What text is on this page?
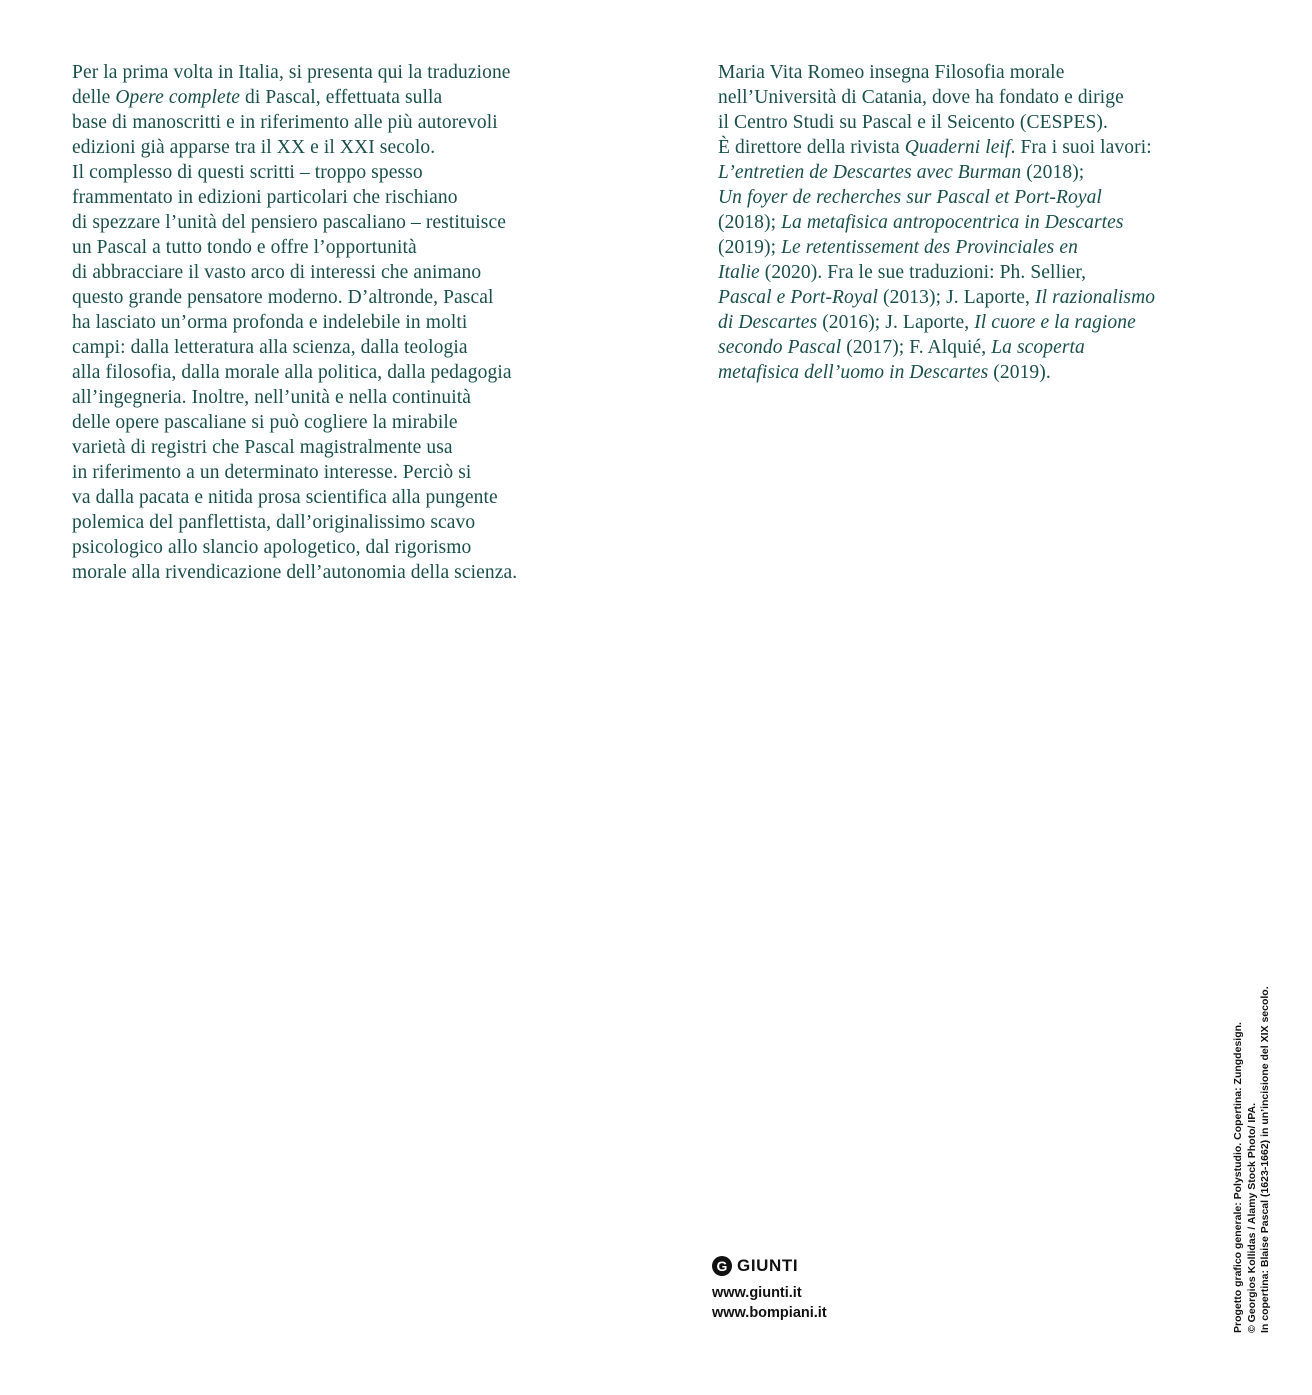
Per la prima volta in Italia, si presenta qui la traduzione
delle Opere complete di Pascal, effettuata sulla
base di manoscritti e in riferimento alle più autorevoli
edizioni già apparse tra il XX e il XXI secolo.
Il complesso di questi scritti – troppo spesso
frammentato in edizioni particolari che rischiano
di spezzare l’unità del pensiero pascaliano – restituisce
un Pascal a tutto tondo e offre l’opportunità
di abbracciare il vasto arco di interessi che animano
questo grande pensatore moderno. D’altronde, Pascal
ha lasciato un’orma profonda e indelebile in molti
campi: dalla letteratura alla scienza, dalla teologia
alla filosofia, dalla morale alla politica, dalla pedagogia
all’ingegneria. Inoltre, nell’unità e nella continuità
delle opere pascaliane si può cogliere la mirabile
varietà di registri che Pascal magistralmente usa
in riferimento a un determinato interesse. Perciò si
va dalla pacata e nitida prosa scientifica alla pungente
polemica del panflettista, dall’originalissimo scavo
psicologico allo slancio apologetico, dal rigorismo
morale alla rivendicazione dell’autonomia della scienza.
Maria Vita Romeo insegna Filosofia morale
nell’Università di Catania, dove ha fondato e dirige
il Centro Studi su Pascal e il Seicento (CESPES).
È direttore della rivista Quaderni leif. Fra i suoi lavori:
L’entretien de Descartes avec Burman (2018);
Un foyer de recherches sur Pascal et Port-Royal
(2018); La metafisica antropocentrica in Descartes
(2019); Le retentissement des Provinciales en
Italie (2020). Fra le sue traduzioni: Ph. Sellier,
Pascal e Port-Royal (2013); J. Laporte, Il razionalismo
di Descartes (2016); J. Laporte, Il cuore e la ragione
secondo Pascal (2017); F. Alquié, La scoperta
metafisica dell’uomo in Descartes (2019).
In copertina: Blaise Pascal (1623-1662) in un’incisione del XIX secolo.
© Georgios Kollidas / Alamy Stock Photo/ IPA.
Progetto grafico generale: Polystudio. Copertina: Zungdesign.
G GIUNTI
www.giunti.it
www.bompiani.it
